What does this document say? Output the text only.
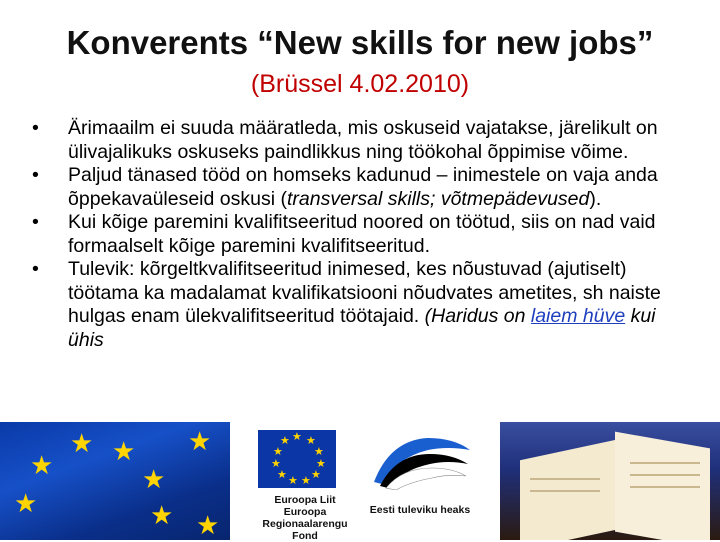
Konverents “New skills for new jobs”
(Brüssel 4.02.2010)
• Ärimaailm ei suuda määratleda, mis oskuseid vajatakse, järelikult on ülivajalikuks oskuseks paindlikkus ning töökohal õppimise võime.
• Paljud tänased tööd on homseks kadunud – inimestele on vaja anda õppekavaüleseid oskusi (transversal skills; võtmepädevused).
• Kui kõige paremini kvalifitseeritud noored on töötud, siis on nad vaid formaalselt kõige paremini kvalifitseeritud.
• Tulevik: kõrgeltkvalifitseeritud inimesed, kes nõustuvad (ajutiselt) töötama ka madalamat kvalifikatsiooni nõudvates ametites, sh naiste hulgas enam ülekvalifitseeritud töötajaid. (Haridus on laiem hüve kui ühis
★ ★
★
★
★
★
★
★
★ ★
★
★
★
★
★
★
★
★
★
Euroopa Liit
Euroopa
Regionaalarengu Fond
Eesti tuleviku heaks
